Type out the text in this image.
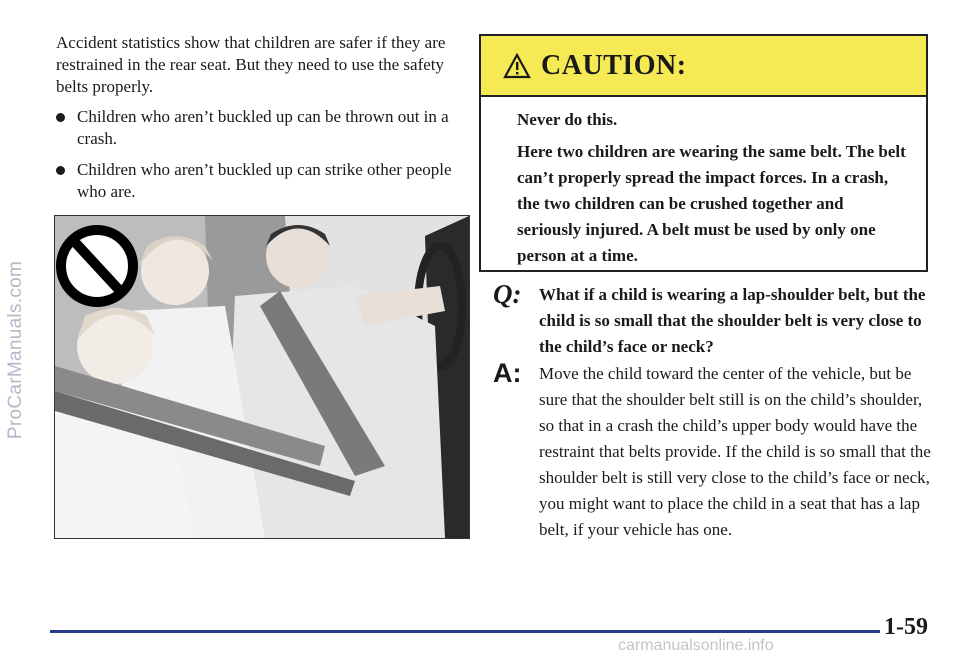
ProCarManuals.com

Accident statistics show that children are safer if they are restrained in the rear seat. But they need to use the safety belts properly.

Children who aren’t buckled up can be thrown out in a crash.
Children who aren’t buckled up can strike other people who are.
CAUTION:

Never do this.

Here two children are wearing the same belt. The belt can’t properly spread the impact forces. In a crash, the two children can be crushed together and seriously injured. A belt must be used by only one person at a time.

Q: What if a child is wearing a lap-shoulder belt, but the child is so small that the shoulder belt is very close to the child’s face or neck?
A: Move the child toward the center of the vehicle, but be sure that the shoulder belt still is on the child’s shoulder, so that in a crash the child’s upper body would have the restraint that belts provide. If the child is so small that the shoulder belt is still very close to the child’s face or neck, you might want to place the child in a seat that has a lap belt, if your vehicle has one.
1-59
carmanualsonline.info
